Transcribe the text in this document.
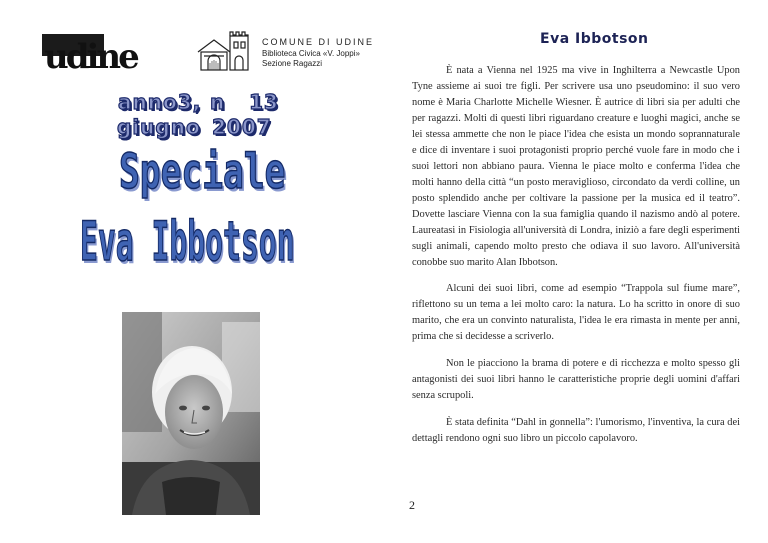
udine	COMUNE DI UDINE
Biblioteca Civica «V. Joppi»
Sezione Ragazzi
anno3, n 13
giugno 2007
Speciale
Eva Ibbotson
Eva Ibbotson

È nata a Vienna nel 1925 ma vive in Inghilterra a Newcastle Upon Tyne assieme ai suoi tre figli. Per scrivere usa uno pseudomino: il suo vero nome è Maria Charlotte Michelle Wiesner. È autrice di libri sia per adulti che per ragazzi. Molti di questi libri riguardano creature e luoghi magici, anche se lei stessa ammette che non le piace l'idea che esista un mondo soprannaturale e dice di inventare i suoi protagonisti proprio perché vuole fare in modo che i suoi lettori non abbiano paura. Vienna le piace molto e conferma l'idea che molti hanno della città “un posto meraviglioso, circondato da verdi colline, un posto splendido anche per coltivare la passione per la musica ed il teatro”. Dovette lasciare Vienna con la sua famiglia quando il nazismo andò al potere. Laureatasi in Fisiologia all'università di Londra, iniziò a fare degli esperimenti sugli animali, capendo molto presto che odiava il suo lavoro. All'università conobbe suo marito Alan Ibbotson.

Alcuni dei suoi libri, come ad esempio “Trappola sul fiume mare”, riflettono su un tema a lei molto caro: la natura. Lo ha scritto in onore di suo marito, che era un convinto naturalista, l'idea le era rimasta in mente per anni, prima che si decidesse a scriverlo.

Non le piacciono la brama di potere e di ricchezza e molto spesso gli antagonisti dei suoi libri hanno le caratteristiche proprie degli uomini d'affari senza scrupoli.

È stata definita “Dahl in gonnella”: l'umorismo, l'inventiva, la cura dei dettagli rendono ogni suo libro un piccolo capolavoro.

2
